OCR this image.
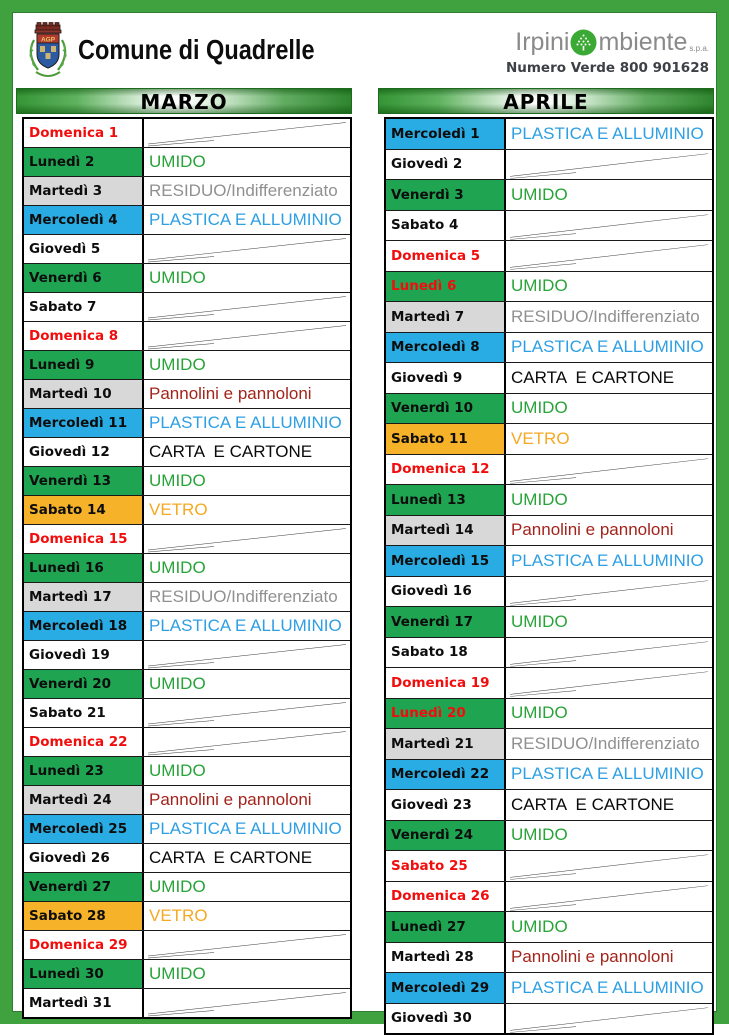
AGP Comune di Quadrelle	Irpini mbiente s.p.a.
Numero Verde 800 901628
MARZO
Domenica 1
Lunedì 2	UMIDO
Martedì 3	RESIDUO/Indifferenziato
Mercoledì 4 PLASTICA E ALLUMINIO
Giovedì 5
Venerdì 6	UMIDO
Sabato 7
Domenica 8
Lunedì 9	UMIDO
Martedì 10 Pannolini e pannoloni
Mercoledì 11 PLASTICA E ALLUMINIO
Giovedì 12 CARTA  E CARTONE
Venerdì 13 UMIDO
Sabato 14	VETRO
Domenica 15
Lunedì 16	UMIDO
Martedì 17 RESIDUO/Indifferenziato
Mercoledì 18 PLASTICA E ALLUMINIO
Giovedì 19
Venerdì 20 UMIDO
Sabato 21
Domenica 22
Lunedì 23	UMIDO
Martedì 24 Pannolini e pannoloni
Mercoledì 25 PLASTICA E ALLUMINIO
Giovedì 26 CARTA  E CARTONE
Venerdì 27 UMIDO
Sabato 28	VETRO
Domenica 29
Lunedì 30	UMIDO
Martedì 31
APRILE
Mercoledì 1 PLASTICA E ALLUMINIO
Giovedì 2
Venerdì 3	UMIDO
Sabato 4
Domenica 5
Lunedì 6	UMIDO
Martedì 7	RESIDUO/Indifferenziato
Mercoledì 8 PLASTICA E ALLUMINIO
Giovedì 9	CARTA  E CARTONE
Venerdì 10 UMIDO
Sabato 11	VETRO
Domenica 12
Lunedì 13	UMIDO
Martedì 14 Pannolini e pannoloni
Mercoledì 15 PLASTICA E ALLUMINIO
Giovedì 16
Venerdì 17 UMIDO
Sabato 18
Domenica 19
Lunedì 20	UMIDO
Martedì 21 RESIDUO/Indifferenziato
Mercoledì 22 PLASTICA E ALLUMINIO
Giovedì 23 CARTA  E CARTONE
Venerdì 24 UMIDO
Sabato 25
Domenica 26
Lunedì 27	UMIDO
Martedì 28 Pannolini e pannoloni
Mercoledì 29 PLASTICA E ALLUMINIO
Giovedì 30
